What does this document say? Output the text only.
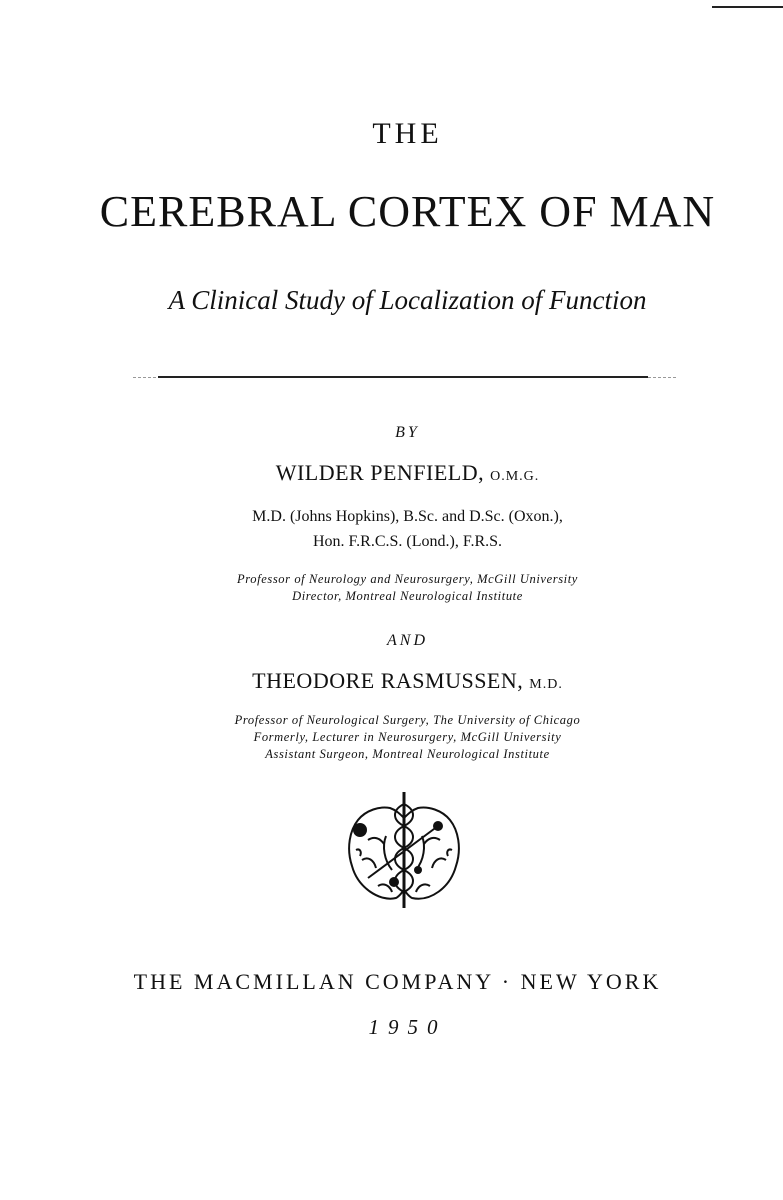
THE
CEREBRAL CORTEX OF MAN
A Clinical Study of Localization of Function
BY
WILDER PENFIELD, O.M.G.
M.D. (Johns Hopkins), B.Sc. and D.Sc. (Oxon.),
Hon. F.R.C.S. (Lond.), F.R.S.
Professor of Neurology and Neurosurgery, McGill University
Director, Montreal Neurological Institute
AND
THEODORE RASMUSSEN, M.D.
Professor of Neurological Surgery, The University of Chicago
Formerly, Lecturer in Neurosurgery, McGill University
Assistant Surgeon, Montreal Neurological Institute
THE MACMILLAN COMPANY · NEW YORK
1950
